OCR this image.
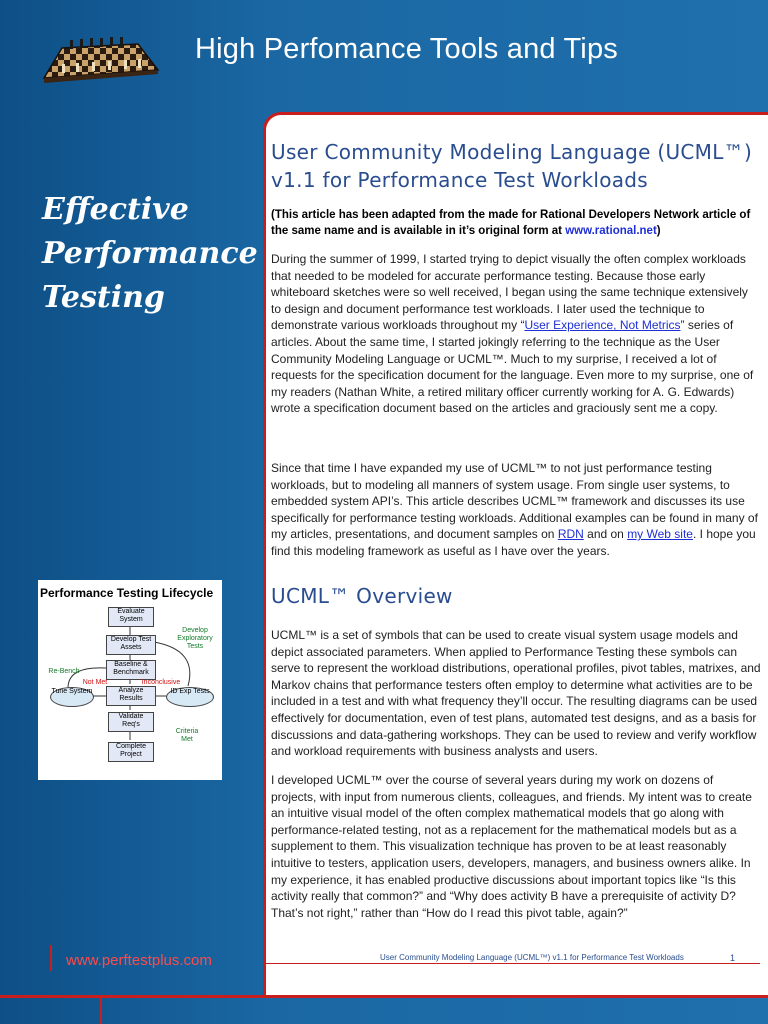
High Perfomance Tools and Tips
Effective
Performance
Testing
Performance Testing Lifecycle
Evaluate System
Develop Test Assets
Baseline & Benchmark
Analyze Results
Tune System	ID Exp Tests
Validate Req's
Complete Project
Develop Exploratory Tests
Re-Bench
Not Met	Inconclusive
Criteria Met
www.perftestplus.com
User Community Modeling Language (UCML™) v1.1 for Performance Test Workloads
(This article has been adapted from the made for Rational Developers Network article of the same name and is available in it’s original form at www.rational.net)
During the summer of 1999, I started trying to depict visually the often complex workloads that needed to be modeled for accurate performance testing. Because those early whiteboard sketches were so well received, I began using the same technique extensively to design and document performance test workloads. I later used the technique to demonstrate various workloads throughout my “User Experience, Not Metrics” series of articles. About the same time, I started jokingly referring to the technique as the User Community Modeling Language or UCML™. Much to my surprise, I received a lot of requests for the specification document for the language. Even more to my surprise, one of my readers (Nathan White, a retired military officer currently working for A. G. Edwards) wrote a specification document based on the articles and graciously sent me a copy.
Since that time I have expanded my use of UCML™ to not just performance testing workloads, but to modeling all manners of system usage. From single user systems, to embedded system API’s. This article describes UCML™ framework and discusses its use specifically for performance testing workloads. Additional examples can be found in many of my articles, presentations, and document samples on RDN and on my Web site. I hope you find this modeling framework as useful as I have over the years.
UCML™ Overview
UCML™ is a set of symbols that can be used to create visual system usage models and depict associated parameters. When applied to Performance Testing these symbols can serve to represent the workload distributions, operational profiles, pivot tables, matrixes, and Markov chains that performance testers often employ to determine what activities are to be included in a test and with what frequency they’ll occur. The resulting diagrams can be used effectively for documentation, even of test plans, automated test designs, and as a basis for discussions and data-gathering workshops. They can be used to review and verify workflow and workload requirements with business analysts and users.
I developed UCML™ over the course of several years during my work on dozens of projects, with input from numerous clients, colleagues, and friends. My intent was to create an intuitive visual model of the often complex mathematical models that go along with performance-related testing, not as a replacement for the mathematical models but as a supplement to them. This visualization technique has proven to be at least reasonably intuitive to testers, application users, developers, managers, and business owners alike. In my experience, it has enabled productive discussions about important topics like “Is this activity really that common?” and “Why does activity B have a prerequisite of activity D? That’s not right,” rather than “How do I read this pivot table, again?”
User Community Modeling Language (UCML™) v1.1 for Performance Test Workloads	1
